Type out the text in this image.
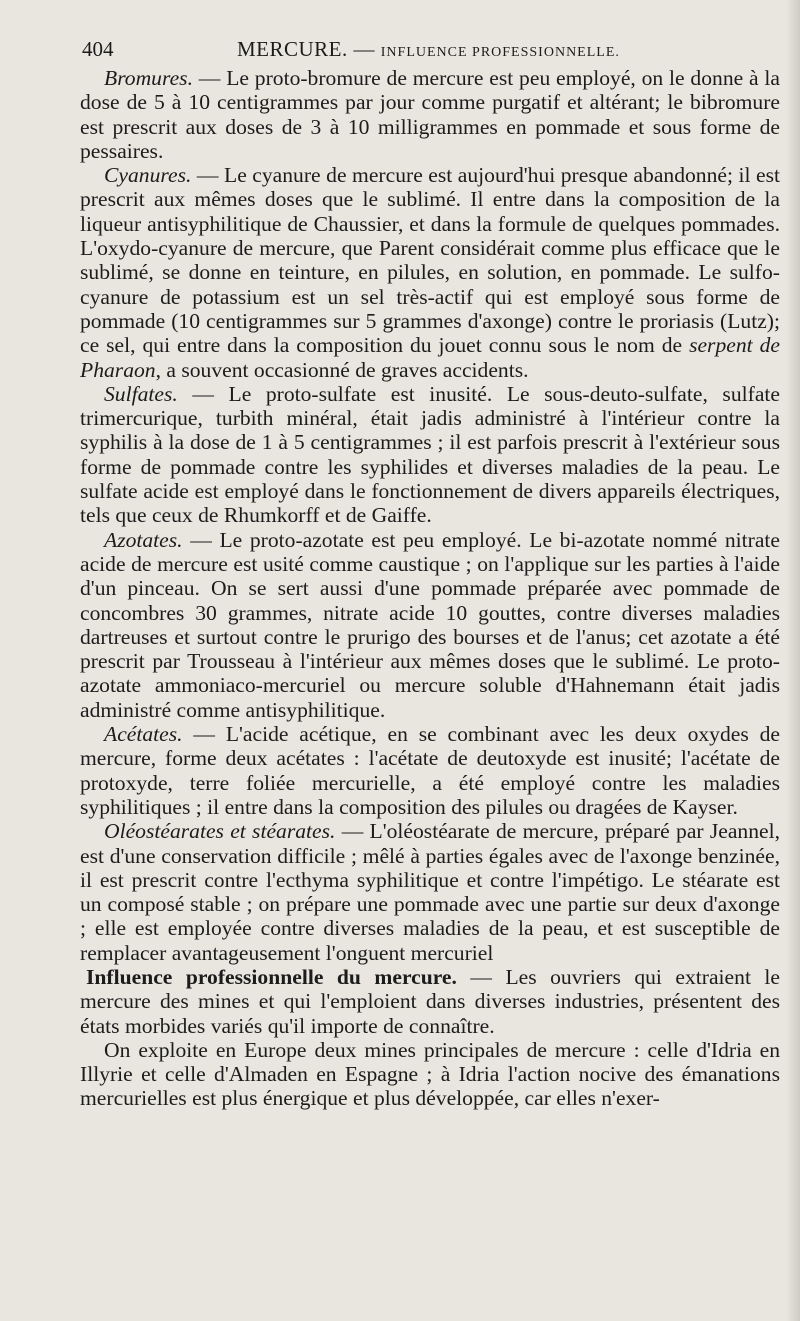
404	MERCURE. — INFLUENCE PROFESSIONNELLE.

Bromures. — Le proto-bromure de mercure est peu employé, on le donne à la dose de 5 à 10 centigrammes par jour comme purgatif et altérant; le bibromure est prescrit aux doses de 3 à 10 milligrammes en pommade et sous forme de pessaires.

Cyanures. — Le cyanure de mercure est aujourd'hui presque abandonné; il est prescrit aux mêmes doses que le sublimé. Il entre dans la composition de la liqueur antisyphilitique de Chaussier, et dans la formule de quelques pommades. L'oxydo-cyanure de mercure, que Parent considérait comme plus efficace que le sublimé, se donne en teinture, en pilules, en solution, en pommade. Le sulfo-cyanure de potassium est un sel très-actif qui est employé sous forme de pommade (10 centigrammes sur 5 grammes d'axonge) contre le proriasis (Lutz); ce sel, qui entre dans la composition du jouet connu sous le nom de serpent de Pharaon, a souvent occasionné de graves accidents.

Sulfates. — Le proto-sulfate est inusité. Le sous-deuto-sulfate, sulfate trimercurique, turbith minéral, était jadis administré à l'intérieur contre la syphilis à la dose de 1 à 5 centigrammes ; il est parfois prescrit à l'extérieur sous forme de pommade contre les syphilides et diverses maladies de la peau. Le sulfate acide est employé dans le fonctionnement de divers appareils électriques, tels que ceux de Rhumkorff et de Gaiffe.

Azotates. — Le proto-azotate est peu employé. Le bi-azotate nommé nitrate acide de mercure est usité comme caustique ; on l'applique sur les parties à l'aide d'un pinceau. On se sert aussi d'une pommade préparée avec pommade de concombres 30 grammes, nitrate acide 10 gouttes, contre diverses maladies dartreuses et surtout contre le prurigo des bourses et de l'anus; cet azotate a été prescrit par Trousseau à l'intérieur aux mêmes doses que le sublimé. Le proto-azotate ammoniaco-mercuriel ou mercure soluble d'Hahnemann était jadis administré comme antisyphilitique.

Acétates. — L'acide acétique, en se combinant avec les deux oxydes de mercure, forme deux acétates : l'acétate de deutoxyde est inusité; l'acétate de protoxyde, terre foliée mercurielle, a été employé contre les maladies syphilitiques ; il entre dans la composition des pilules ou dragées de Kayser.

Oléostéarates et stéarates. — L'oléostéarate de mercure, préparé par Jeannel, est d'une conservation difficile ; mêlé à parties égales avec de l'axonge benzinée, il est prescrit contre l'ecthyma syphilitique et contre l'impétigo. Le stéarate est un composé stable ; on prépare une pommade avec une partie sur deux d'axonge ; elle est employée contre diverses maladies de la peau, et est susceptible de remplacer avantageusement l'onguent mercuriel

Influence professionnelle du mercure. — Les ouvriers qui extraient le mercure des mines et qui l'emploient dans diverses industries, présentent des états morbides variés qu'il importe de connaître.

On exploite en Europe deux mines principales de mercure : celle d'Idria en Illyrie et celle d'Almaden en Espagne ; à Idria l'action nocive des émanations mercurielles est plus énergique et plus développée, car elles n'exer-
